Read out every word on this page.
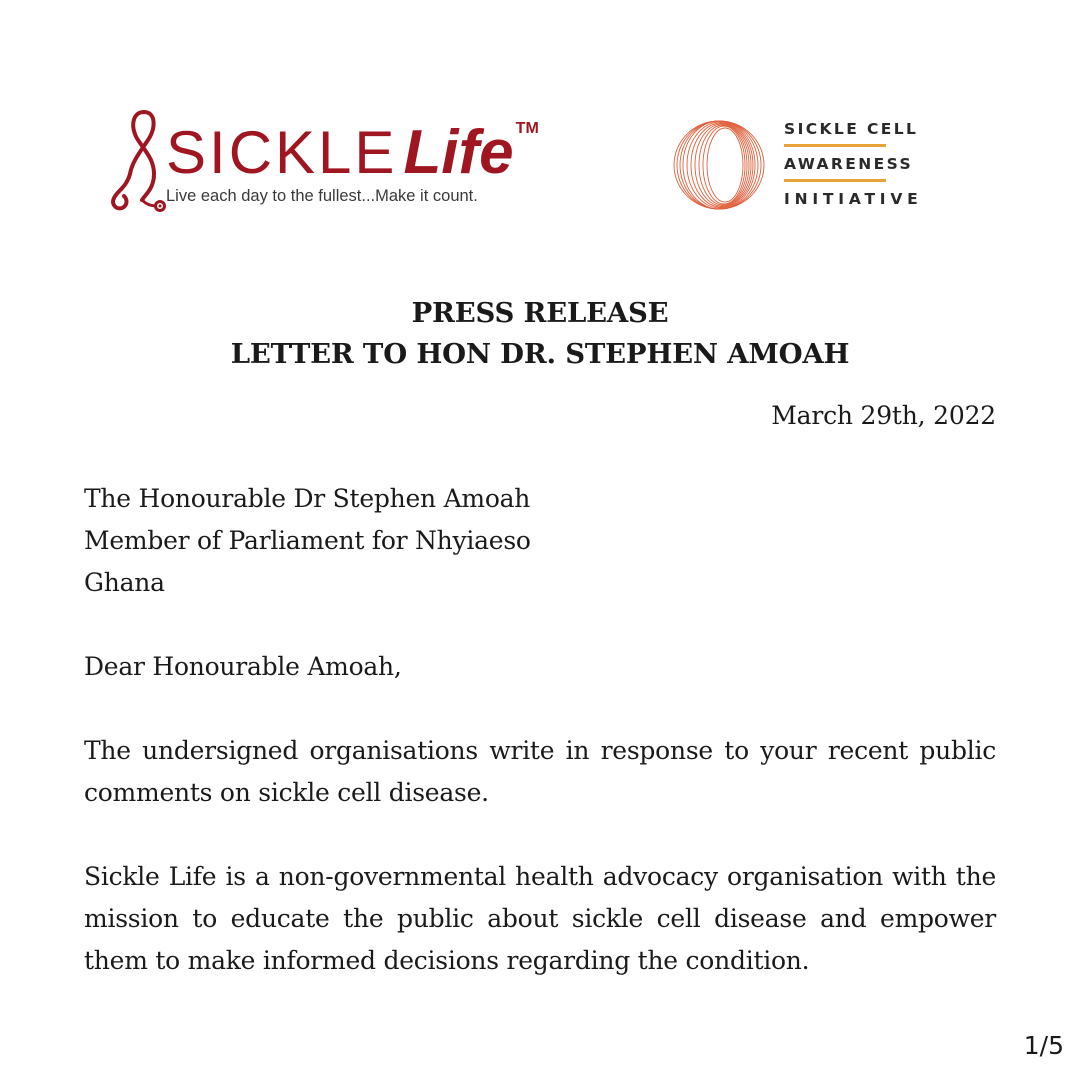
SICKLELife TM
Live each day to the fullest...Make it count.
SICKLE CELL
AWARENESS
INITIATIVE
PRESS RELEASE
LETTER TO HON DR. STEPHEN AMOAH
March 29th, 2022
The Honourable Dr Stephen Amoah
Member of Parliament for Nhyiaeso
Ghana
Dear Honourable Amoah,
The undersigned organisations write in response to your recent public comments on sickle cell disease.
Sickle Life is a non-governmental health advocacy organisation with the mission to educate the public about sickle cell disease and empower them to make informed decisions regarding the condition.
1/5
